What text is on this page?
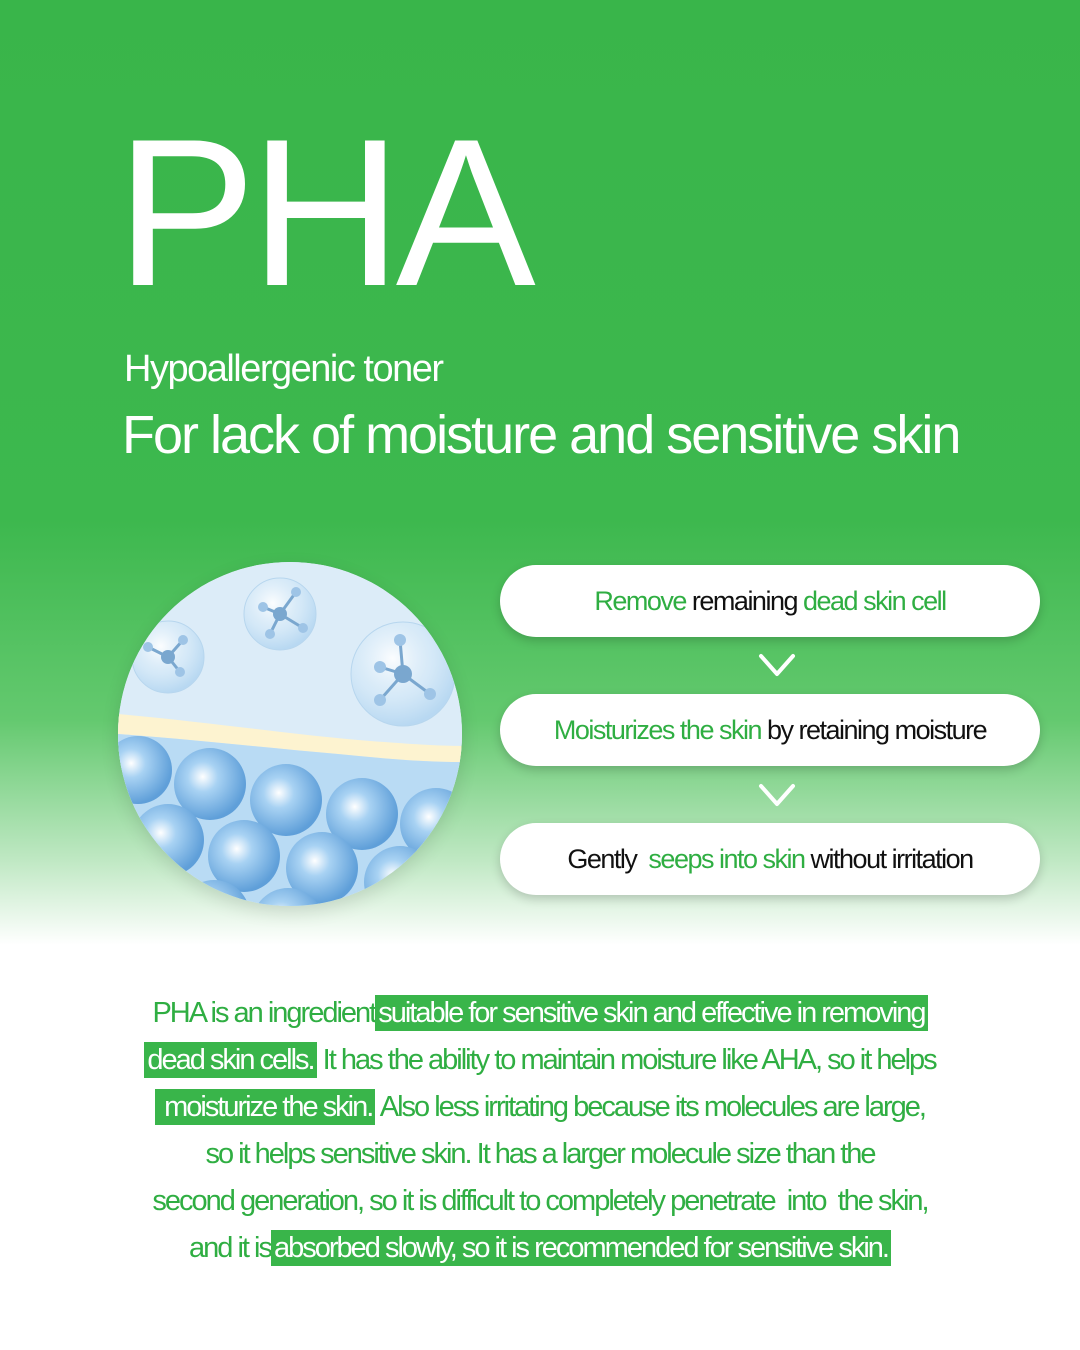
PHA
Hypoallergenic toner
For lack of moisture and sensitive skin
Remove remaining dead skin cell
Moisturizes the skin by retaining moisture
Gently seeps into skin without irritation
PHA is an ingredient suitable for sensitive skin and effective in removing
dead skin cells. It has the ability to maintain moisture like AHA, so it helps
moisturize the skin. Also less irritating because its molecules are large,
so it helps sensitive skin. It has a larger molecule size than the
second generation, so it is difficult to completely penetrate  into  the skin,
and it is absorbed slowly, so it is recommended for sensitive skin.
